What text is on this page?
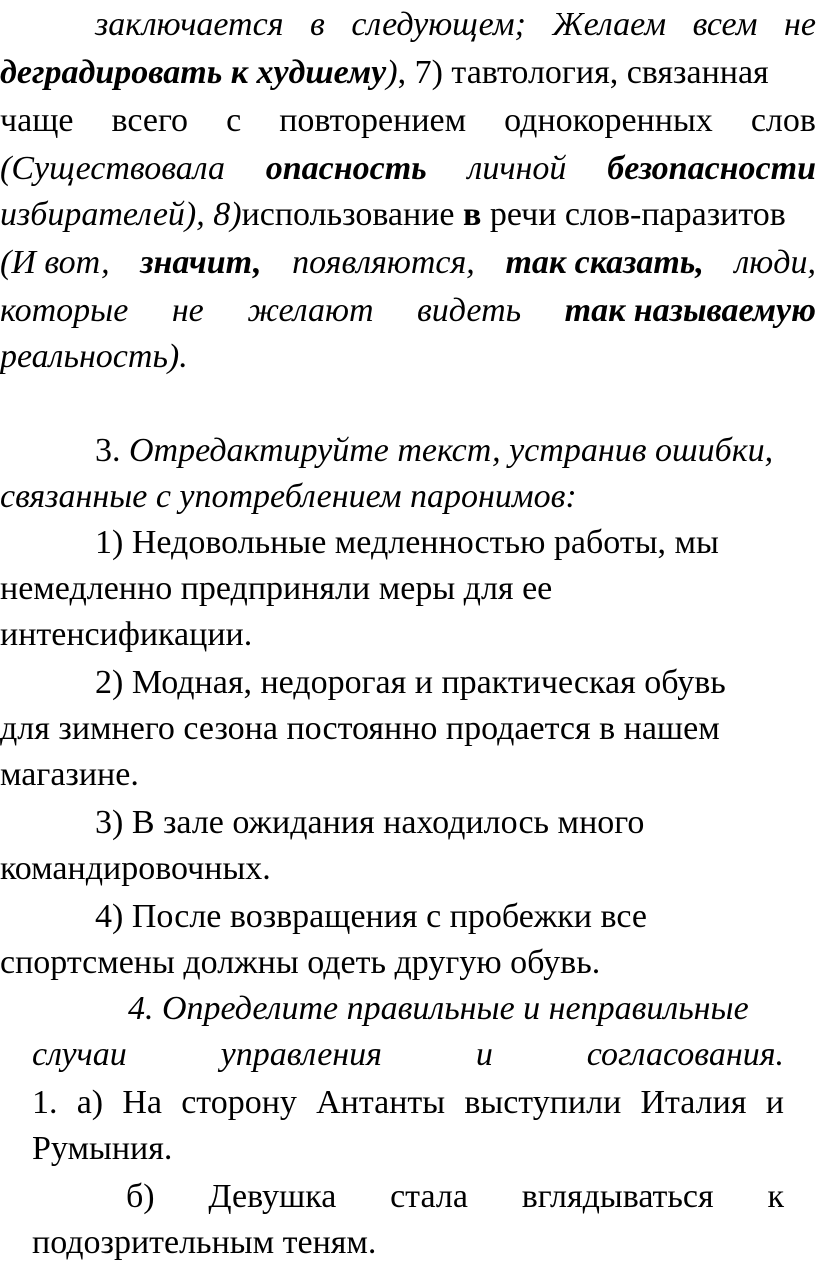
заключается в следующем; Желаем всем не
деградировать к худшему), 7) тавтология, связанная
чаще всего с повторением однокоренных слов
(Существовала опасность личной безопасности
избирателей), 8)использование в речи слов-паразитов
(И вот, значит, появляются, так сказать, люди,
которые не желают видеть так называемую
реальность).
3. Отредактируйте текст, устранив ошибки,
связанные с употреблением паронимов:
1) Недовольные медленностью работы, мы
немедленно предприняли меры для ее
интенсификации.
2) Модная, недорогая и практическая обувь
для зимнего сезона постоянно продается в нашем
магазине.
3) В зале ожидания находилось много
командировочных.
4) После возвращения с пробежки все
спортсмены должны одеть другую обувь.
4. Определите правильные и неправильные
случаи	управления	и	согласования.
1. а) На сторону Антанты выступили Италия и
Румыния.
б) Девушка стала вглядываться к
подозрительным теням.
